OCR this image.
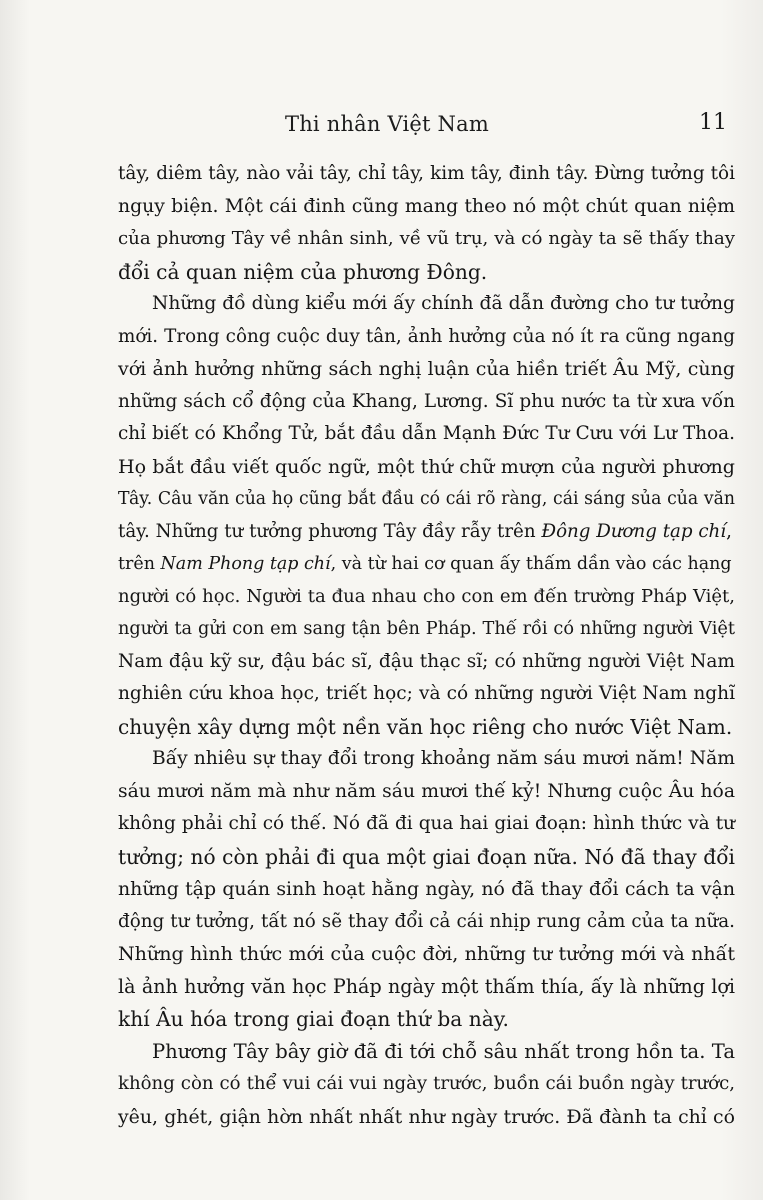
Thi nhân Việt Nam	11
tây, diêm tây, nào vải tây, chỉ tây, kim tây, đinh tây. Đừng tưởng tôi
ngụy biện. Một cái đinh cũng mang theo nó một chút quan niệm
của phương Tây về nhân sinh, về vũ trụ, và có ngày ta sẽ thấy thay
đổi cả quan niệm của phương Đông.
Những đồ dùng kiểu mới ấy chính đã dẫn đường cho tư tưởng
mới. Trong công cuộc duy tân, ảnh hưởng của nó ít ra cũng ngang
với ảnh hưởng những sách nghị luận của hiền triết Âu Mỹ, cùng
những sách cổ động của Khang, Lương. Sĩ phu nước ta từ xưa vốn
chỉ biết có Khổng Tử, bắt đầu dẫn Mạnh Đức Tư Cưu với Lư Thoa.
Họ bắt đầu viết quốc ngữ, một thứ chữ mượn của người phương
Tây. Câu văn của họ cũng bắt đầu có cái rõ ràng, cái sáng sủa của văn
tây. Những tư tưởng phương Tây đầy rẫy trên Đông Dương tạp chí,
trên Nam Phong tạp chí, và từ hai cơ quan ấy thấm dần vào các hạng
người có học. Người ta đua nhau cho con em đến trường Pháp Việt,
người ta gửi con em sang tận bên Pháp. Thế rồi có những người Việt
Nam đậu kỹ sư, đậu bác sĩ, đậu thạc sĩ; có những người Việt Nam
nghiên cứu khoa học, triết học; và có những người Việt Nam nghĩ
chuyện xây dựng một nền văn học riêng cho nước Việt Nam.
Bấy nhiêu sự thay đổi trong khoảng năm sáu mươi năm! Năm
sáu mươi năm mà như năm sáu mươi thế kỷ! Nhưng cuộc Âu hóa
không phải chỉ có thế. Nó đã đi qua hai giai đoạn: hình thức và tư
tưởng; nó còn phải đi qua một giai đoạn nữa. Nó đã thay đổi
những tập quán sinh hoạt hằng ngày, nó đã thay đổi cách ta vận
động tư tưởng, tất nó sẽ thay đổi cả cái nhịp rung cảm của ta nữa.
Những hình thức mới của cuộc đời, những tư tưởng mới và nhất
là ảnh hưởng văn học Pháp ngày một thấm thía, ấy là những lợi
khí Âu hóa trong giai đoạn thứ ba này.
Phương Tây bây giờ đã đi tới chỗ sâu nhất trong hồn ta. Ta
không còn có thể vui cái vui ngày trước, buồn cái buồn ngày trước,
yêu, ghét, giận hờn nhất nhất như ngày trước. Đã đành ta chỉ có
